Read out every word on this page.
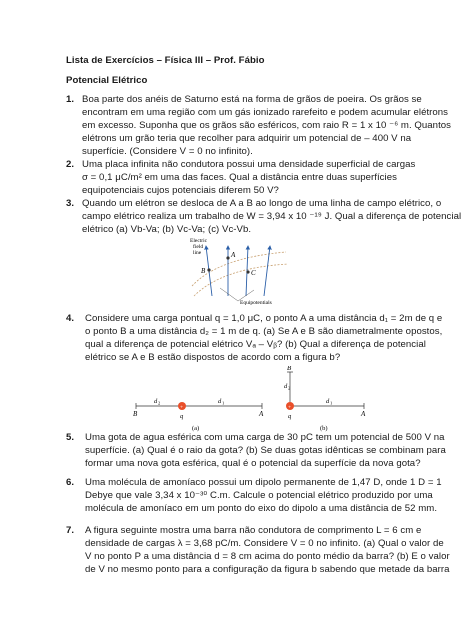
Lista de Exercícios – Física III – Prof. Fábio
Potencial Elétrico
1. Boa parte dos anéis de Saturno está na forma de grãos de poeira. Os grãos se
encontram em uma região com um gás ionizado rarefeito e podem acumular elétrons
em excesso. Suponha que os grãos são esféricos, com raio R = 1 x 10 ⁻⁶ m. Quantos
elétrons um grão teria que recolher para adquirir um potencial de – 400 V na
superfície. (Considere V = 0 no infinito).
2. Uma placa infinita não condutora possui uma densidade superficial de cargas
σ = 0,1 μC/m² em uma das faces. Qual a distância entre duas superfícies
equipotenciais cujos potenciais diferem 50 V?
3. Quando um elétron se desloca de A a B ao longo de uma linha de campo elétrico, o
campo elétrico realiza um trabalho de W = 3,94 x 10 ⁻¹⁹ J. Qual a diferença de potencial
elétrico (a) Vb-Va; (b) Vc-Va; (c) Vc-Vb.
A
B	C
Electric
field
line
Equipotentials
4. Considere uma carga pontual q = 1,0 μC, o ponto A a uma distância d₁ = 2m de q e
o ponto B a uma distância d₂ = 1 m de q. (a) Se A e B são diametralmente opostos,
qual a diferença de potencial elétrico Vₐ – Vᵦ? (b) Qual a diferença de potencial
elétrico se A e B estão dispostos de acordo com a figura b?
+
B	A
q
d 2	d 1
(a)
+
B
d 2
A
q
d 1
(b)
5. Uma gota de agua esférica com uma carga de 30 pC tem um potencial de 500 V na
superfície. (a) Qual é o raio da gota? (b) Se duas gotas idênticas se combinam para
formar uma nova gota esférica, qual é o potencial da superfície da nova gota?
6. Uma molécula de amoníaco possui um dipolo permanente de 1,47 D, onde 1 D = 1
Debye que vale 3,34 x 10⁻³⁰ C.m. Calcule o potencial elétrico produzido por uma
molécula de amoníaco em um ponto do eixo do dipolo a uma distância de 52 mm.
7. A figura seguinte mostra uma barra não condutora de comprimento L = 6 cm e
densidade de cargas λ = 3,68 pC/m. Considere V = 0 no infinito. (a) Qual o valor de
V no ponto P a uma distância d = 8 cm acima do ponto médio da barra? (b) E o valor
de V no mesmo ponto para a configuração da figura b sabendo que metade da barra
